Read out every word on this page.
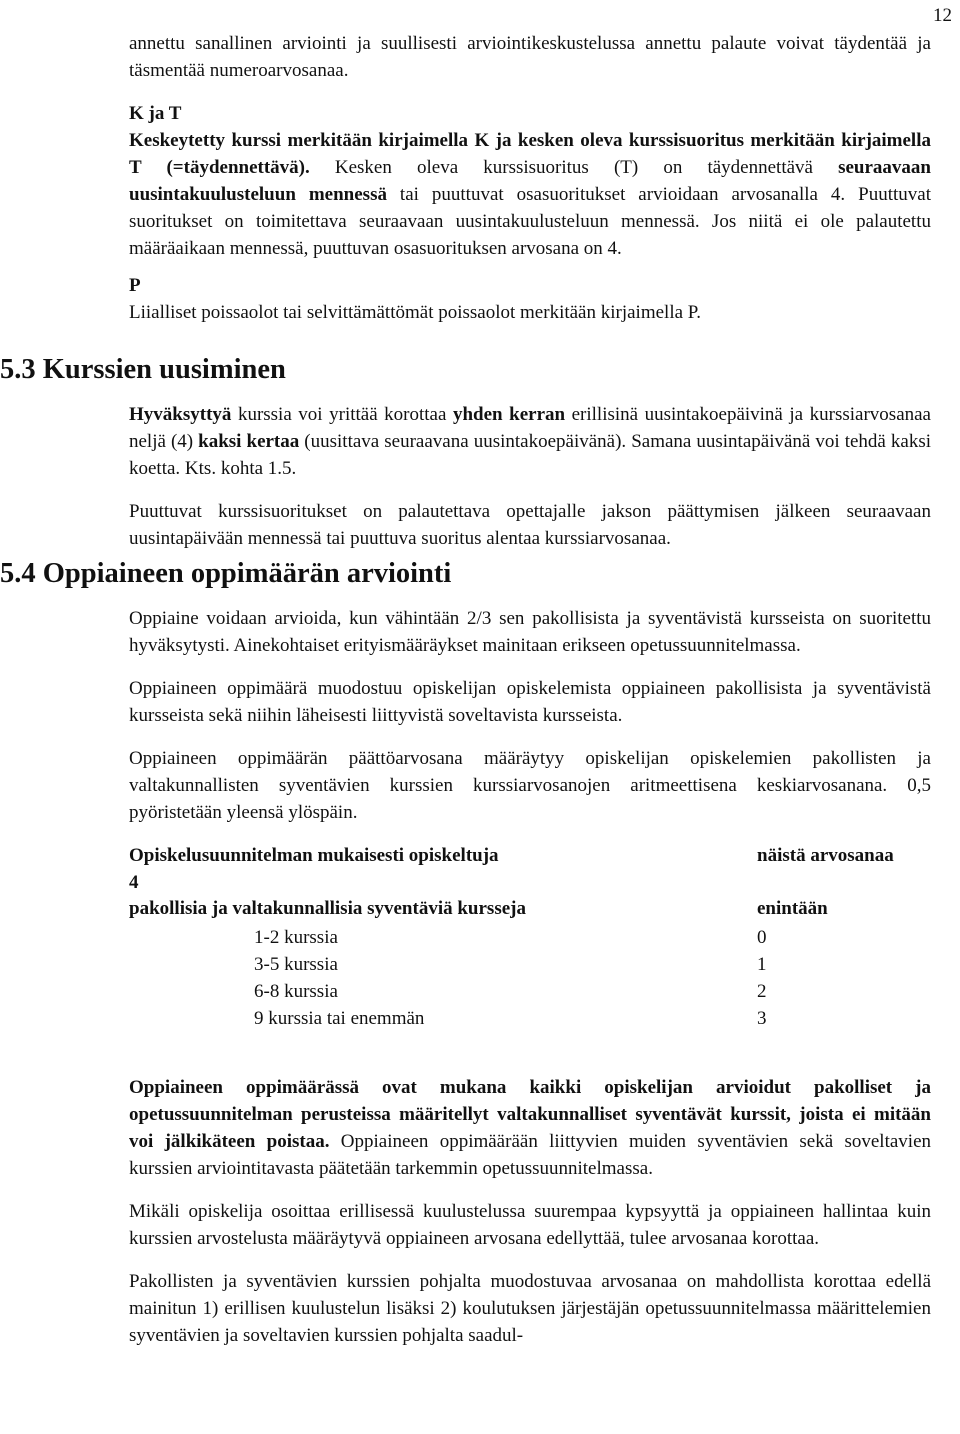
12

annettu sanallinen arviointi ja suullisesti arviointikeskustelussa annettu palaute voivat täydentää ja täsmentää numeroarvosanaa.

K ja T

Keskeytetty kurssi merkitään kirjaimella K ja kesken oleva kurssisuoritus merkitään kirjaimella T (=täydennettävä). Kesken oleva kurssisuoritus (T) on täydennettävä seuraavaan uusintakuulusteluun mennessä tai puuttuvat osasuoritukset arvioidaan arvosanalla 4. Puuttuvat suoritukset on toimitettava seuraavaan uusintakuulusteluun mennessä. Jos niitä ei ole palautettu määräaikaan mennessä, puuttuvan osasuorituksen arvosana on 4.

P

Liialliset poissaolot tai selvittämättömät poissaolot merkitään kirjaimella P.

5.3 Kurssien uusiminen

Hyväksyttyä kurssia voi yrittää korottaa yhden kerran erillisinä uusintakoepäivinä ja kurssiarvosanaa neljä (4) kaksi kertaa (uusittava seuraavana uusintakoepäivänä). Samana uusintapäivänä voi tehdä kaksi koetta. Kts. kohta 1.5.

Puuttuvat kurssisuoritukset on palautettava opettajalle jakson päättymisen jälkeen seuraavaan uusintapäivään mennessä tai puuttuva suoritus alentaa kurssiarvosanaa.

5.4 Oppiaineen oppimäärän arviointi

Oppiaine voidaan arvioida, kun vähintään 2/3 sen pakollisista ja syventävistä kursseista on suoritettu hyväksytysti. Ainekohtaiset erityismääräykset mainitaan erikseen opetussuunnitelmassa.

Oppiaineen oppimäärä muodostuu opiskelijan opiskelemista oppiaineen pakollisista ja syventävistä kursseista sekä niihin läheisesti liittyvistä soveltavista kursseista.

Oppiaineen oppimäärän päättöarvosana määräytyy opiskelijan opiskelemien pakollisten ja valtakunnallisten syventävien kurssien kurssiarvosanojen aritmeettisena keskiarvosanana. 0,5 pyöristetään yleensä ylöspäin.

Opiskelusuunnitelman mukaisesti opiskeltuja	näistä arvosanaa
4
pakollisia ja valtakunnallisia syventäviä kursseja	enintään
1-2 kurssia	0
3-5 kurssia	1
6-8 kurssia	2
9 kurssia tai enemmän	3

Oppiaineen oppimäärässä ovat mukana kaikki opiskelijan arvioidut pakolliset ja opetussuunnitelman perusteissa määritellyt valtakunnalliset syventävät kurssit, joista ei mitään voi jälkikäteen poistaa. Oppiaineen oppimäärään liittyvien muiden syventävien sekä soveltavien kurssien arviointitavasta päätetään tarkemmin opetussuunnitelmassa.

Mikäli opiskelija osoittaa erillisessä kuulustelussa suurempaa kypsyyttä ja oppiaineen hallintaa kuin kurssien arvostelusta määräytyvä oppiaineen arvosana edellyttää, tulee arvosanaa korottaa.

Pakollisten ja syventävien kurssien pohjalta muodostuvaa arvosanaa on mahdollista korottaa edellä mainitun 1) erillisen kuulustelun lisäksi 2) koulutuksen järjestäjän opetussuunnitelmassa määrittelemien syventävien ja soveltavien kurssien pohjalta saadul-
